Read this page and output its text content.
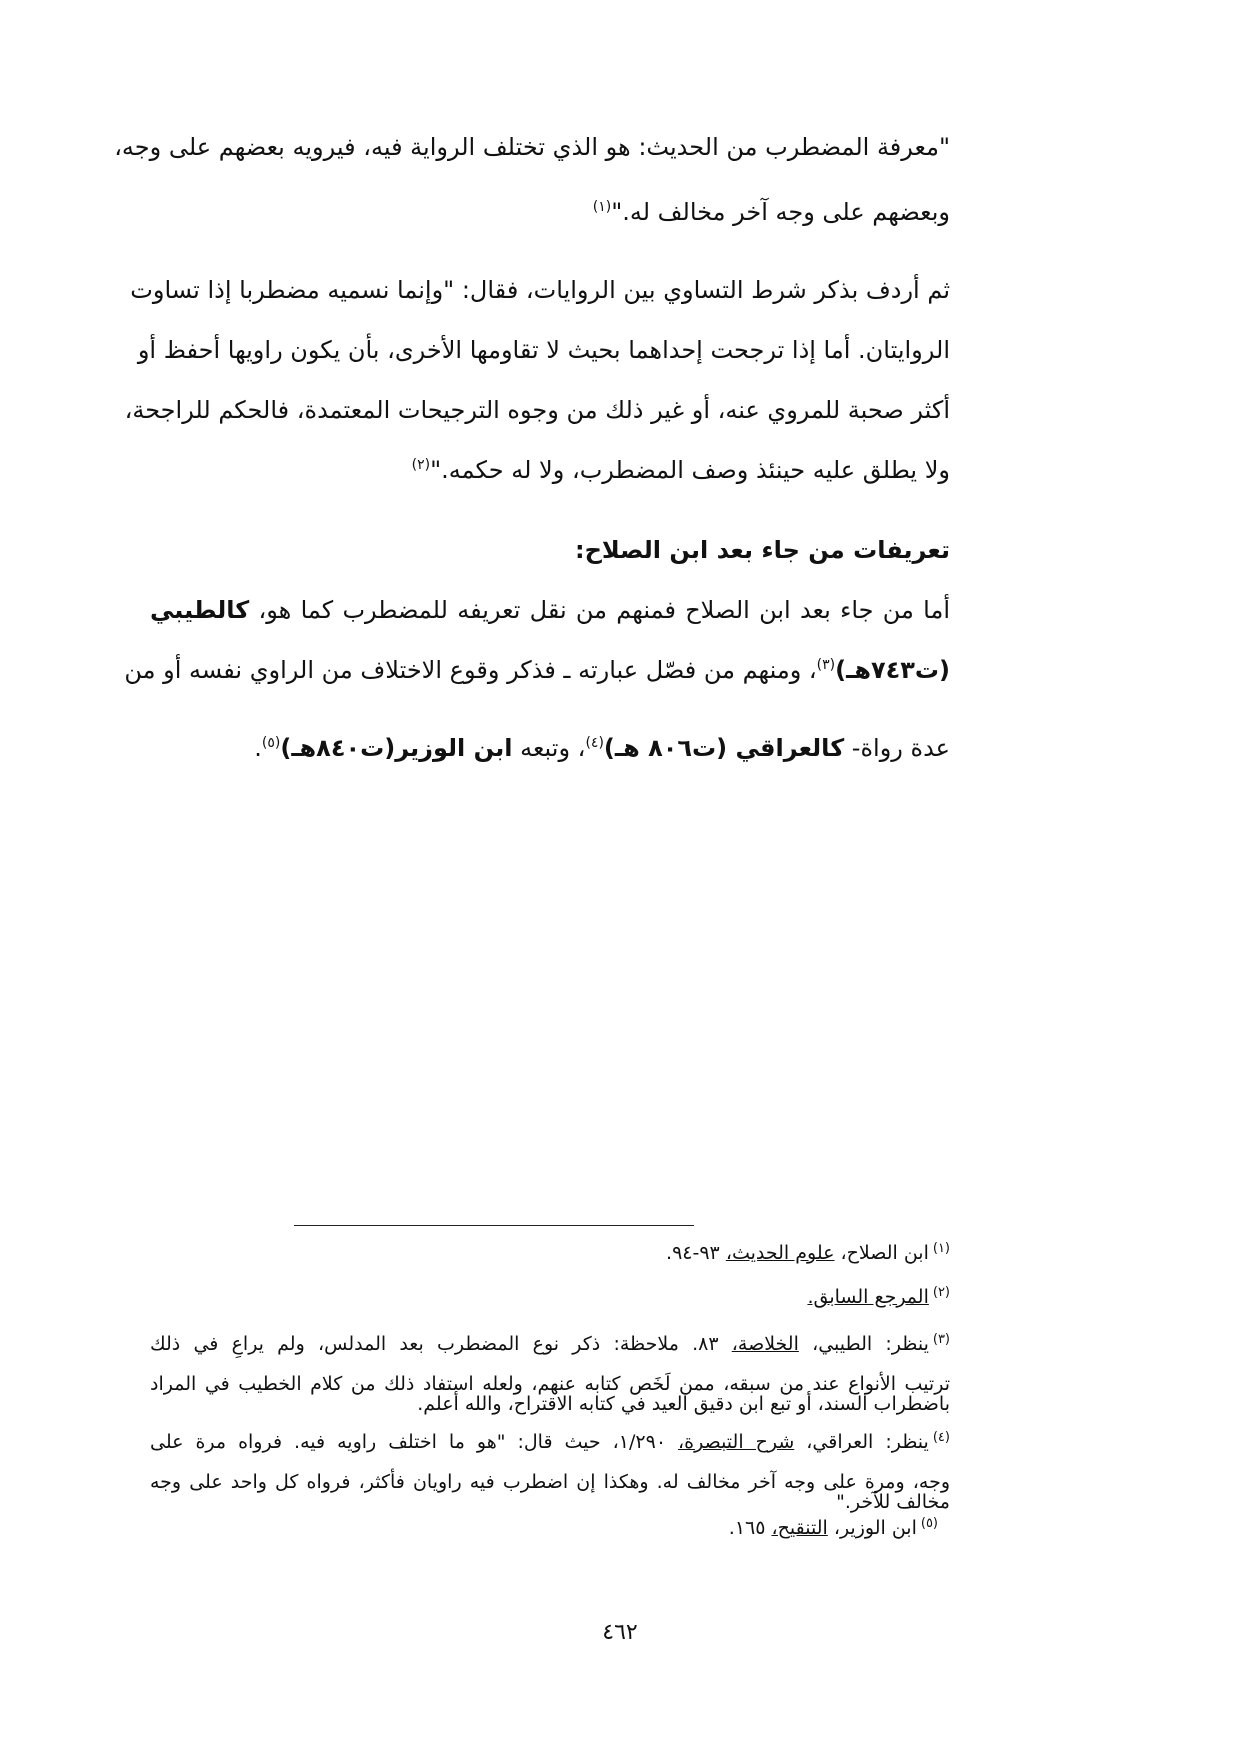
"معرفة المضطرب من الحديث: هو الذي تختلف الرواية فيه، فيرويه بعضهم على وجه،
وبعضهم على وجه آخر مخالف له."$^{(١)}$
ثم أردف بذكر شرط التساوي بين الروايات، فقال: "وإنما نسميه مضطربا إذا تساوت
الروايتان. أما إذا ترجحت إحداهما بحيث لا تقاومها الأخرى، بأن يكون راويها أحفظ أو
أكثر صحبة للمروي عنه، أو غير ذلك من وجوه الترجيحات المعتمدة، فالحكم للراجحة،
ولا يطلق عليه حينئذ وصف المضطرب، ولا له حكمه."$^{(٢)}$
تعريفات من جاء بعد ابن الصلاح:
أما من جاء بعد ابن الصلاح فمنهم من نقل تعريفه للمضطرب كما هو، كالطيبي
(ت٧٤٣هـ)$^{(٣)}$، ومنهم من فصّل عبارته ـ فذكر وقوع الاختلاف من الراوي نفسه أو من
عدة رواة- كالعراقي (ت٨٠٦ هـ)$^{(٤)}$، وتبعه ابن الوزير(ت٨٤٠هـ)$^{(٥)}$.
$^{(١)}$ابن الصلاح، علوم الحديث، ٩٣-٩٤.
$^{(٢)}$المرجع السابق.
$^{(٣)}$ينظر: الطيبي، الخلاصة، ٨٣. ملاحظة: ذكر نوع المضطرب بعد المدلس، ولم يراعِ في ذلك
ترتيب الأنواع عند من سبقه، ممن لَخَص كتابه عنهم، ولعله استفاد ذلك من كلام الخطيب في المراد
باضطراب السند، أو تبع ابن دقيق العيد في كتابه الاقتراح، والله أعلم.
$^{(٤)}$ينظر: العراقي، شرح التبصرة، ١/٢٩٠، حيث قال: "هو ما اختلف راويه فيه. فرواه مرة على
وجه، ومرة على وجه آخر مخالف له. وهكذا إن اضطرب فيه راويان فأكثر، فرواه كل واحد على وجه
مخالف للآخر."
$^{(٥)}$ابن الوزير، التنقيح، ١٦٥.
٤٦٢
